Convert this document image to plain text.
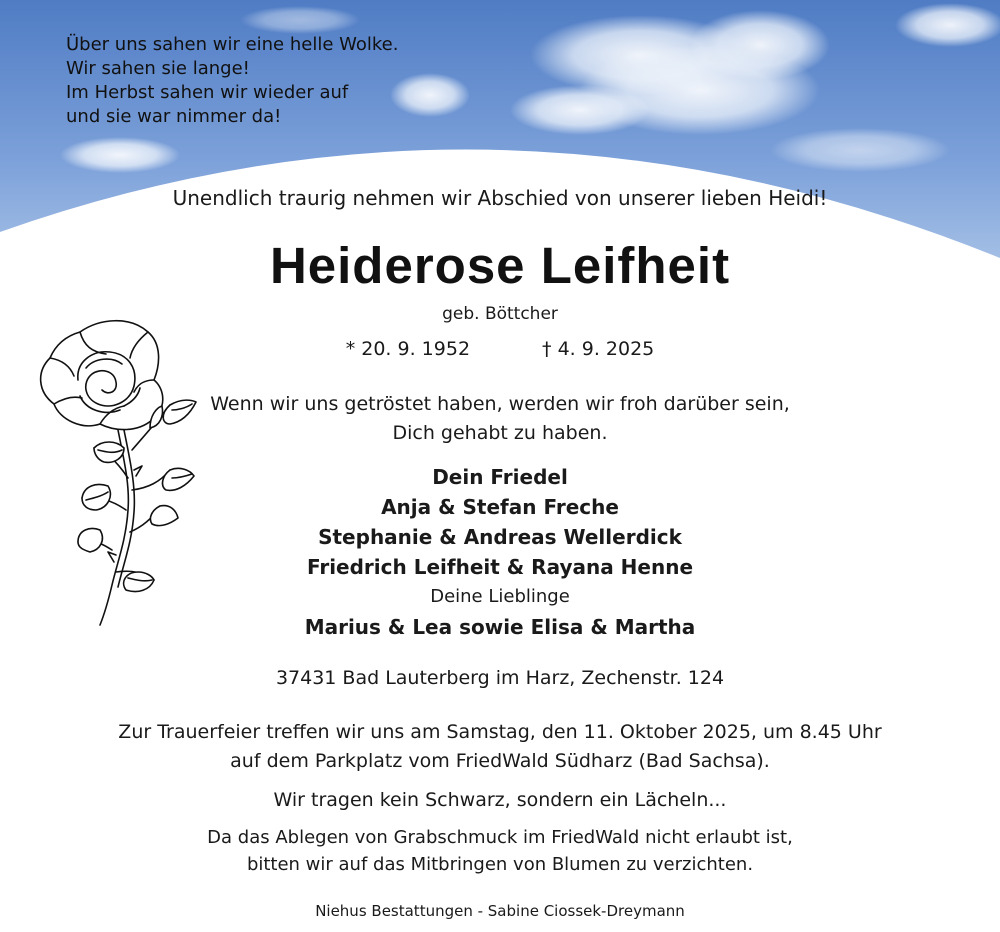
Über uns sahen wir eine helle Wolke.
Wir sahen sie lange!
Im Herbst sahen wir wieder auf
und sie war nimmer da!
Unendlich traurig nehmen wir Abschied von unserer lieben Heidi!
Heiderose Leifheit
geb. Böttcher
* 20. 9. 1952	† 4. 9. 2025
Wenn wir uns getröstet haben, werden wir froh darüber sein,
Dich gehabt zu haben.
Dein Friedel
Anja & Stefan Freche
Stephanie & Andreas Wellerdick
Friedrich Leifheit & Rayana Henne
Deine Lieblinge
Marius & Lea sowie Elisa & Martha
37431 Bad Lauterberg im Harz, Zechenstr. 124
Zur Trauerfeier treffen wir uns am Samstag, den 11. Oktober 2025, um 8.45 Uhr
auf dem Parkplatz vom FriedWald Südharz (Bad Sachsa).
Wir tragen kein Schwarz, sondern ein Lächeln...
Da das Ablegen von Grabschmuck im FriedWald nicht erlaubt ist,
bitten wir auf das Mitbringen von Blumen zu verzichten.
Niehus Bestattungen - Sabine Ciossek-Dreymann
